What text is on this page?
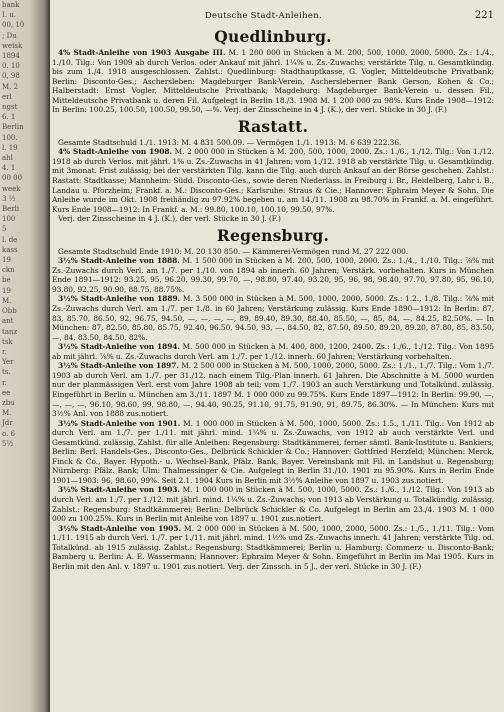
bank
I. u.
00, 10
; Du
weisk
1894
0. 10
0, 98
M, 2
erl
ngst
6. 1
Berlin
100.
l. 19
ahl
4. 1
00 00
week
3 ½
Berli
100
5
l. de
kass
19
ckn
be
19
M.
Obb
ant
tanz
tsk
r.
Yer
ts.
r.
ee
zbu
M.
Jdr
o. 6
5½
Deutsche Stadt-Anleihen.	221
Quedlinburg.

4% Stadt-Anleihe von 1903 Ausgabe III. M. 1 200 000 in Stücken à M. 200, 500, 1000, 2000, 5000. Zs.: 1./4., 1./10. Tilg.: Von 1909 ab durch Verlos. oder Ankauf mit jährl. 1¼% u. Zs.-Zuwachs; verstärkte Tilg. u. Gesamtkündig. bis zum 1./4. 1918 ausgeschlossen. Zahlst.: Quedlinburg: Stadthauptkasse, G. Vogler, Mitteldeutsche Privatbank; Berlin: Disconto-Ges.; Aschersleben: Magdeburger Bank-Verein, Aschersleberner Bank Gerson, Kohen & Co.; Halberstadt: Ernst Vogler, Mitteldeutsche Privatbank; Magdeburg: Magdeburger Bank-Verein u. dessen Fil., Mitteldeutsche Privatbank u. deren Fil. Aufgelegt in Berlin 18./3. 1908 M. 1 200 000 zu 98%. Kurs Ende 1908—1912: In Berlin: 100.25, 100.50, 100.50, 99.50, —%. Verj. der Zinsscheine in 4 J. (K.), der verl. Stücke in 30 J. (F.)

Rastatt.

Gesamte Stadtschuld 1./1. 1913: M. 4 831 500.09. — Vermögen 1./1. 1913: M. 6 639 222.36.

4% Stadt-Anleihe von 1908. M. 2 000 000 in Stücken à M. 200, 500, 1000, 2000. Zs.: 1./6., 1./12. Tilg.: Von 1./12. 1918 ab durch Verlos. mit jährl. 1% u. Zs.-Zuwachs in 41 Jahren; vom 1./12. 1918 ab verstärkte Tilg. u. Gesamtkündig. mit 3monat. Frist zulässig; bei der verstärkten Tilg. kann die Tilg. auch durch Ankauf an der Börse geschehen. Zahlst.: Rastatt: Stadtkasse; Mannheim: Südd. Disconto-Ges., sowie deren Niederlass. in Freiburg i. Br., Heidelberg, Lahr i. B., Landau u. Pforzheim; Frankf. a. M.: Disconto-Ges.; Karlsruhe: Straus & Cie.; Hannover: Ephraim Meyer & Sohn. Die Anleihe wurde im Okt. 1908 freihändig zu 97.92% begeben u. am 14./11. 1908 zu 98.70% in Frankf. a. M. eingeführt. Kurs Ende 1908—1912: In Frankf. a. M.: 99.80, 100.10, 100.10, 99.50, 97%.

Verj. der Zinsscheine in 4 J. (K.), der verl. Stücke in 30 J. (F.)

Regensburg.

Gesamte Stadtschuld Ende 1910: M. 20 130 850. — Kämmerei-Vermögen rund M. 27 222 000.

3½% Stadt-Anleihe von 1888. M. 1 500 000 in Stücken à M. 200, 500, 1000, 2000. Zs.: 1./4., 1./10. Tilg.: ⅞% mit Zs.-Zuwachs durch Verl. am 1./7. per 1./10. von 1894 ab innerh. 60 Jahren; Verstärk. vorbehalten. Kurs in München Ende 1891—1912: 93.25, 95, 96.20, 99.30, 99.70, —, 98.80, 97.40, 93.20, 95, 96, 98, 98.40, 97.70, 97.80, 95, 96.10, 93.80, 92.25, 90.90, 88.75, 88.75%.

3½% Stadt-Anleihe von 1889. M. 3 500 000 in Stücken à M. 500, 1000, 2000, 5000. Zs.: 1.2., 1./8. Tilg.: ⅞% mit Zs.-Zuwachs durch Verl. am 1./7. per 1./8. in 60 Jahren; Verstärkung zulässig. Kurs Ende 1890—1912: In Berlin: 87, 83, 85.70, 86.50, 92, 96.75, 94.50, —, —, —, —, 89, 89.40, 89.30, 88.40, 85.50, —, 85, 84, —, 84.25, 82.50%. — In München: 87, 82.50, 85.80, 85.75, 92.40, 96.50, 94.50, 93, —, 84.50, 82, 87.50, 89.50, 89.20, 89.20, 87.80, 85, 83.50, —, 84, 83.50, 84.50, 82%.

3½% Stadt-Anleihe von 1894. M. 500 000 in Stücken à M. 400, 800, 1200, 2400. Zs.: 1./6., 1./12. Tilg.: Von 1895 ab mit jährl. ⅞% u. Zs.-Zuwachs durch Verl. am 1./7. per 1./12. innerh. 60 Jahren; Verstärkung vorbehalten.

3½% Stadt-Anleihe von 1897. M. 2 500 000 in Stücken à M. 500, 1000, 2000, 5000. Zs.: 1./1., 1./7. Tilg.: Vom 1./7. 1903 ab durch Verl. am 1./7. per 31./12. nach einem Tilg.-Plan innerh. 61 Jahren. Die Abschnitte à M. 5000 wurden nur der planmässigen Verl. erst vom Jahre 1908 ab teil; vom 1./7. 1903 an auch Verstärkung und Totalkünd. zulässig. Eingeführt in Berlin u. München am 3./11. 1897 M. 1 000 000 zu 99.75%. Kurs Ende 1897—1912: In Berlin: 99.90, —, —, —, —, 96.10, 98.60, 99, 98.80, —, 94.40, 90.25, 91.10, 91.75, 91.90, 91, 89.75, 86.30%. — In München: Kurs mit 3½% Anl. von 1888 zus.notiert.

3½% Stadt-Anleihe von 1901. M. 1 000 000 in Stücken à M. 500, 1000, 5000. Zs.: 1.5., 1./11. Tilg.: Von 1912 ab durch Verl. am 1./7. per 1./11. mit jährl. mind. 1¼% u. Zs.-Zuwachs, von 1912 ab auch verstärkte Verl. und Gesamtkünd. zulässig. Zahlst. für alle Anleihen: Regensburg: Stadtkämmerei, ferner sämtl. Bank-Institute u. Bankiers; Berlin: Berl. Handels-Ges., Disconto-Ges., Delbrück Schickler & Co.; Hannover: Gottfried Herzfeld; München: Merck, Finck & Co., Bayer. Hypoth.- u. Wechsel-Bank, Pfälz. Bank, Bayer. Vereinsbank mit Fil. in Landshut u. Regensburg; Nürnberg: Pfälz. Bank; Ulm: Thalmessinger & Cie. Aufgelegt in Berlin 31./10. 1901 zu 95.90%. Kurs in Berlin Ende 1901—1903: 96, 98.60, 99%. Seit 2.1. 1904 Kurs in Berlin mit 3½% Anleihe von 1897 u. 1903 zus.notiert.

3½% Stadt-Anleihe von 1903. M. 1 000 000 in Stücken à M. 500, 1000, 5000. Zs.: 1./6., 1./12. Tilg.: Von 1913 ab durch Verl. am 1./7. per 1./12. mit jährl. mind. 1¼% u. Zs.-Zuwachs; von 1913 ab Verstärkung u. Totalkündig. zulässig. Zahlst.: Regensburg: Stadtkämmerei; Berlin: Delbrück Schickler & Co. Aufgelegt in Berlin am 23./4. 1903 M. 1 000 000 zu 100.25%. Kurs in Berlin mit Anleihe von 1897 u. 1901 zus.notiert.

3½% Stadt-Anleihe von 1905. M. 2 000 000 in Stücken à M. 500, 1000, 2000, 5000. Zs.: 1./5., 1./11. Tilg.: Vom 1./11. 1915 ab durch Verl. 1./7. per 1./11. mit jährl. mind. 1½% und Zs.-Zuwachs innerh. 41 Jahren; verstärkte Tilg. od. Totalkünd. ab 1915 zulässig. Zahlst.: Regensburg: Stadtkämmerei; Berlin u. Hamburg: Commerz- u. Disconto-Bank; Bamberg u. Berlin: A. E. Wassermann; Hannover: Ephraim Meyer & Sohn. Eingeführt in Berlin im Mai 1905. Kurs in Berlin mit den Anl. v. 1897 u. 1901 zus.notiert. Verj. der Zinssch. in 5 J., der verl. Stücke in 30 J. (F.)
